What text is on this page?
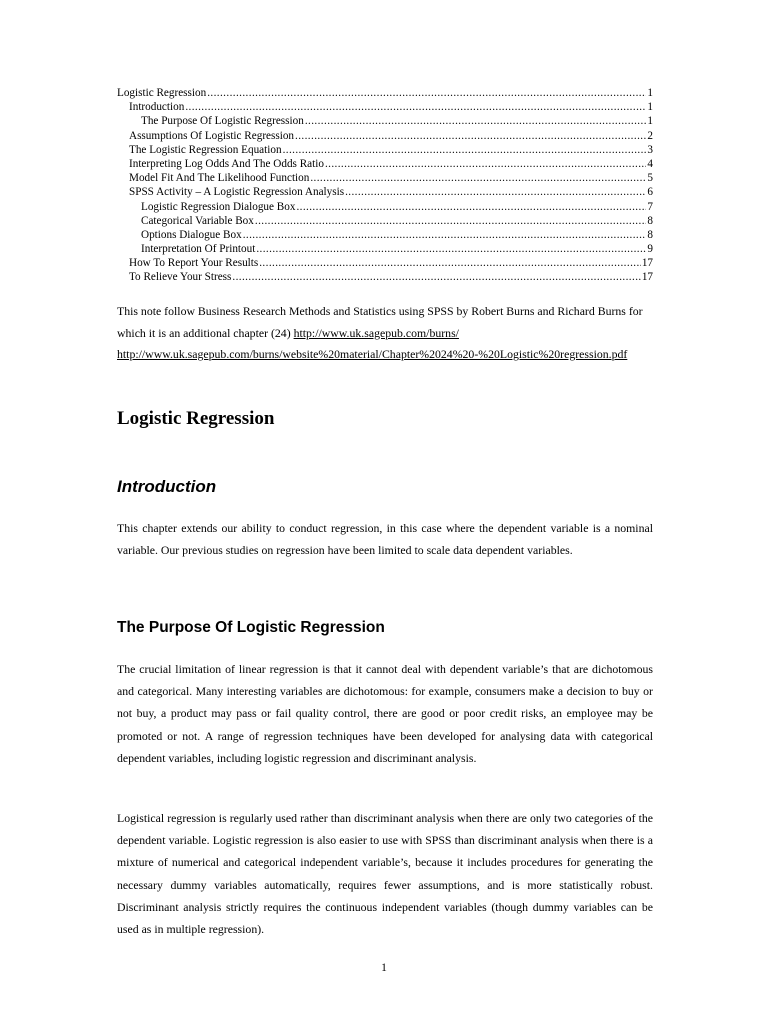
Logistic Regression .....	1
Introduction .....	1
The Purpose Of Logistic Regression .....	1
Assumptions Of Logistic Regression .....	2
The Logistic Regression Equation .....	3
Interpreting Log Odds And The Odds Ratio .....	4
Model Fit And The Likelihood Function .....	5
SPSS Activity – A Logistic Regression Analysis .....	6
Logistic Regression Dialogue Box .....	7
Categorical Variable Box .....	8
Options Dialogue Box .....	8
Interpretation Of Printout .....	9
How To Report Your Results .....	17
To Relieve Your Stress .....	17
This note follow Business Research Methods and Statistics using SPSS by Robert Burns and Richard Burns for which it is an additional chapter (24) http://www.uk.sagepub.com/burns/
http://www.uk.sagepub.com/burns/website%20material/Chapter%2024%20-%20Logistic%20regression.pdf
Logistic Regression
Introduction

This chapter extends our ability to conduct regression, in this case where the dependent variable is a nominal variable. Our previous studies on regression have been limited to scale data dependent variables.

The Purpose Of Logistic Regression

The crucial limitation of linear regression is that it cannot deal with dependent variable’s that are dichotomous and categorical. Many interesting variables are dichotomous: for example, consumers make a decision to buy or not buy, a product may pass or fail quality control, there are good or poor credit risks, an employee may be promoted or not. A range of regression techniques have been developed for analysing data with categorical dependent variables, including logistic regression and discriminant analysis.

Logistical regression is regularly used rather than discriminant analysis when there are only two categories of the dependent variable. Logistic regression is also easier to use with SPSS than discriminant analysis when there is a mixture of numerical and categorical independent variable’s, because it includes procedures for generating the necessary dummy variables automatically, requires fewer assumptions, and is more statistically robust. Discriminant analysis strictly requires the continuous independent variables (though dummy variables can be used as in multiple regression).

1
